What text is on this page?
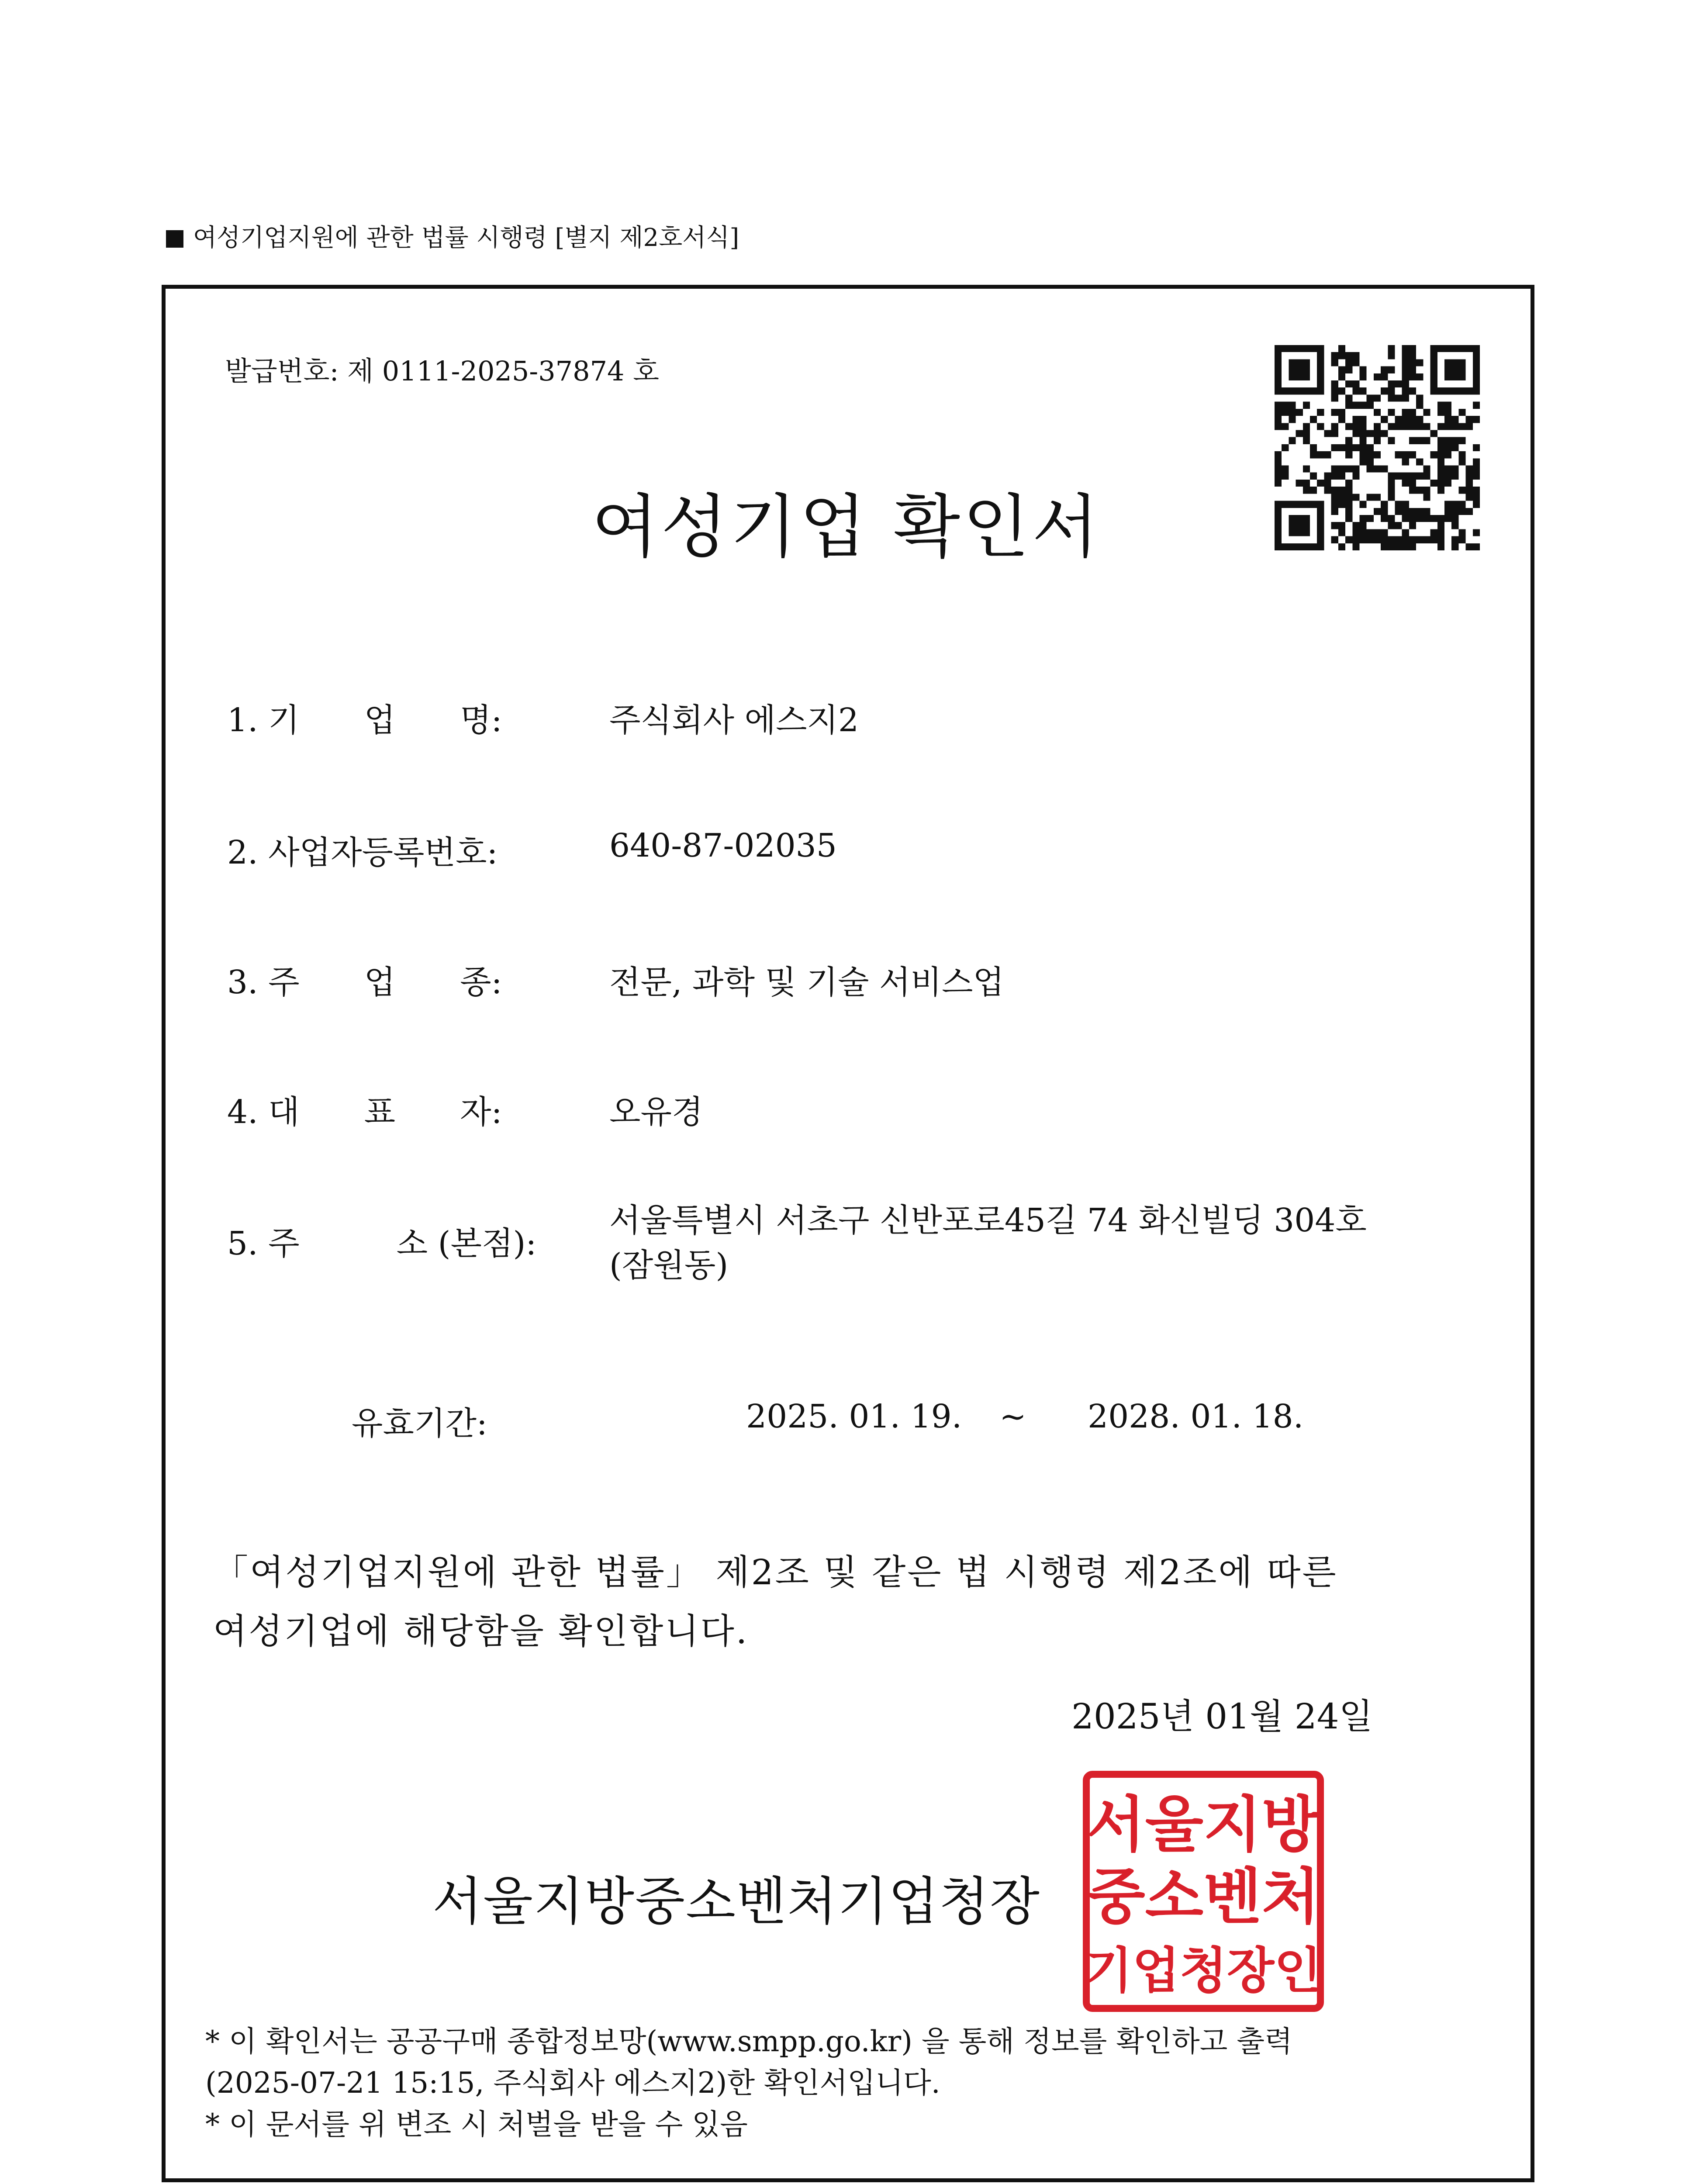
여성기업지원에 관한 법률 시행령 [별지 제2호서식]
발급번호: 제 0111-2025-37874 호
여성기업 확인서
1. 기　　업　　명:	주식회사 에스지2
2. 사업자등록번호:	640-87-02035
3. 주　　업　　종:	전문, 과학 및 기술 서비스업
4. 대　　표　　자:	오유경
5. 주　　　소 (본점):
서울특별시 서초구 신반포로45길 74 화신빌딩 304호
(잠원동)
유효기간:	2025. 01. 19. ~ 2028. 01. 18.
「여성기업지원에 관한 법률」 제2조 및 같은 법 시행령 제2조에 따른
여성기업에 해당함을 확인합니다.
2025년 01월 24일
서울지방중소벤처기업청장
서울지방
중소벤처
기업청장인
* 이 확인서는 공공구매 종합정보망(www.smpp.go.kr) 을 통해 정보를 확인하고 출력
(2025-07-21 15:15, 주식회사 에스지2)한 확인서입니다.
* 이 문서를 위 변조 시 처벌을 받을 수 있음
